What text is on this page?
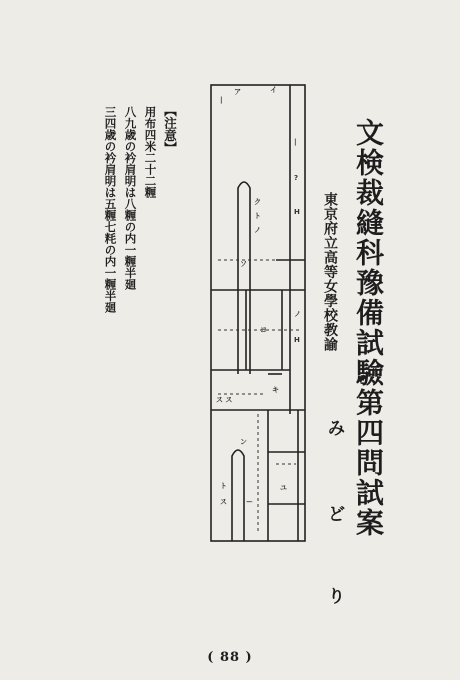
文検裁縫科豫備試驗第四問試案
東京府立高等女學校教諭
み
ど
り
【注意】
用布四米二十二糎
八九歳の衿肩明は八糎の内一糎半廻
三四歳の衿肩明は五糎七粍の内一糎半廻
ア	イ
|
|
?
H
ク
ト
ノ
ソ
ヨ
ノ
H
ス ス
キ
ン
ユ
ト
ス	ー
( 88 )
